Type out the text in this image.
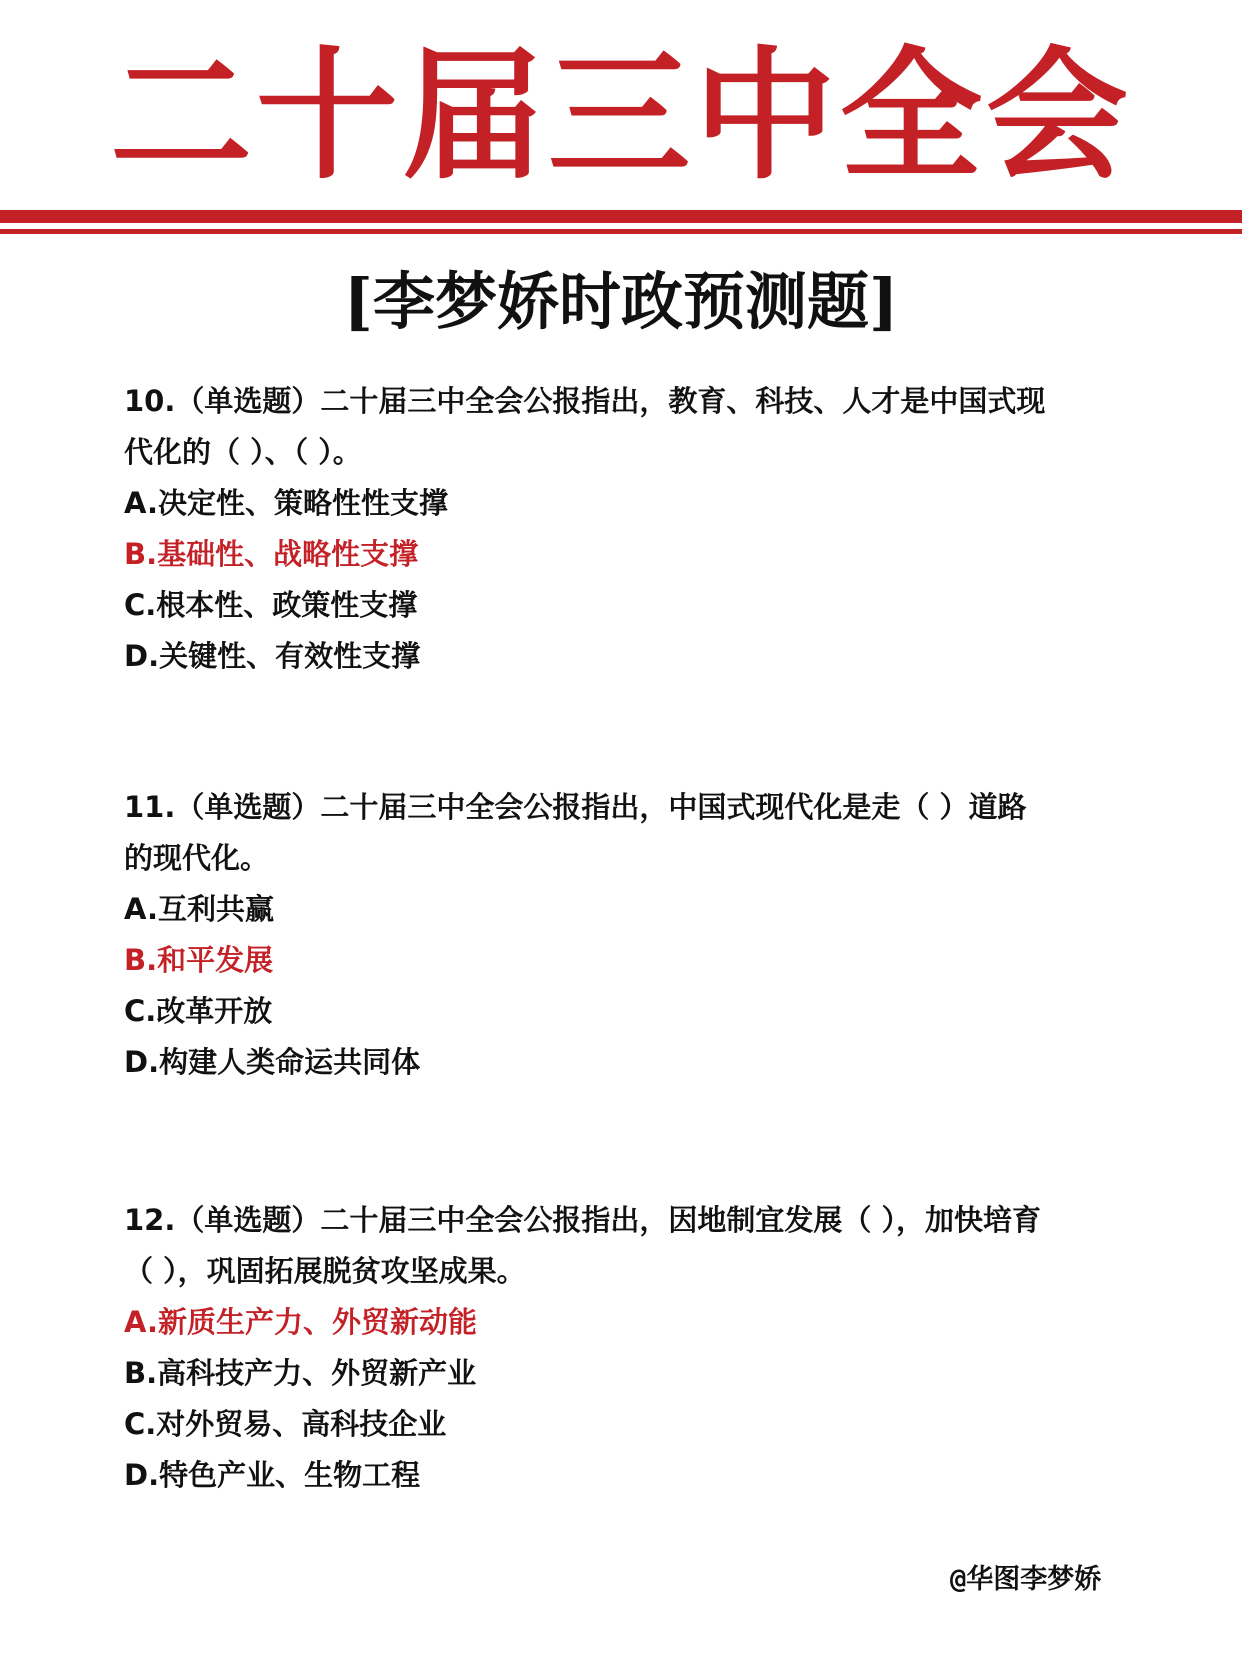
二十届三中全会
[李梦娇时政预测题]
10.（单选题）二十届三中全会公报指出，教育、科技、人才是中国式现
代化的（ ）、（ ）。
A.决定性、策略性性支撑
B.基础性、战略性支撑
C.根本性、政策性支撑
D.关键性、有效性支撑
11.（单选题）二十届三中全会公报指出，中国式现代化是走（ ）道路
的现代化。
A.互利共赢
B.和平发展
C.改革开放
D.构建人类命运共同体
12.（单选题）二十届三中全会公报指出，因地制宜发展（ ），加快培育
（ ），巩固拓展脱贫攻坚成果。
A.新质生产力、外贸新动能
B.高科技产力、外贸新产业
C.对外贸易、高科技企业
D.特色产业、生物工程
@华图李梦娇
